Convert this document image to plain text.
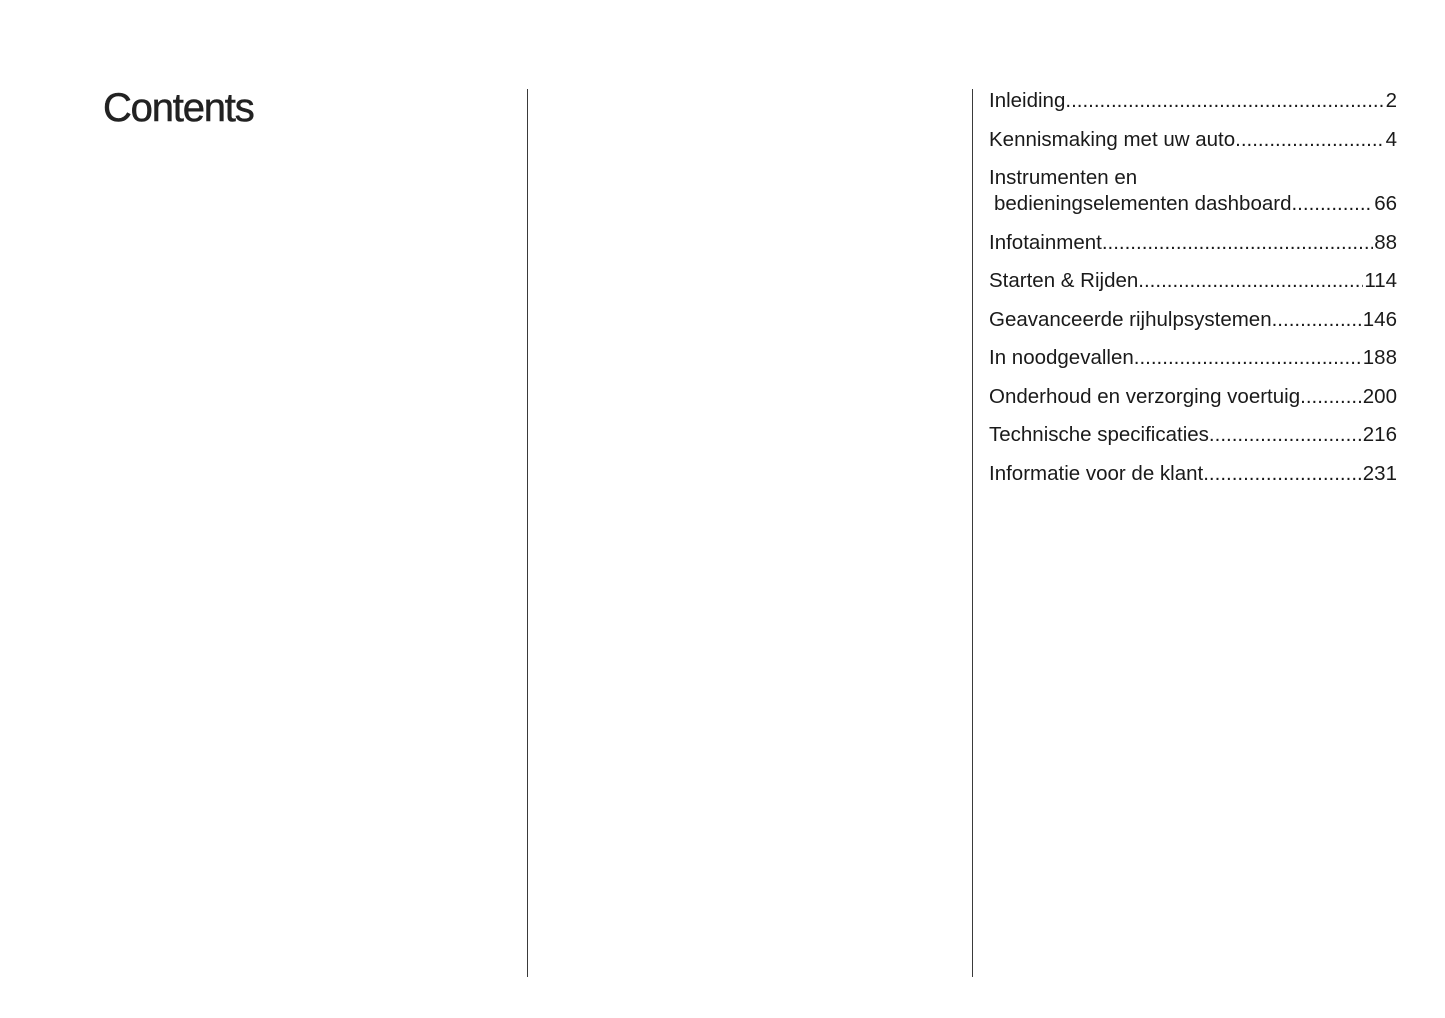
Contents	Inleiding .....	2
Kennismaking met uw auto .....	4
Instrumenten en
bedieningselementen dashboard .....	66
Infotainment .....	88
Starten & Rijden .....	114
Geavanceerde rijhulpsystemen .....	146
In noodgevallen .....	188
Onderhoud en verzorging voertuig .....	200
Technische specificaties .....	216
Informatie voor de klant .....	231
